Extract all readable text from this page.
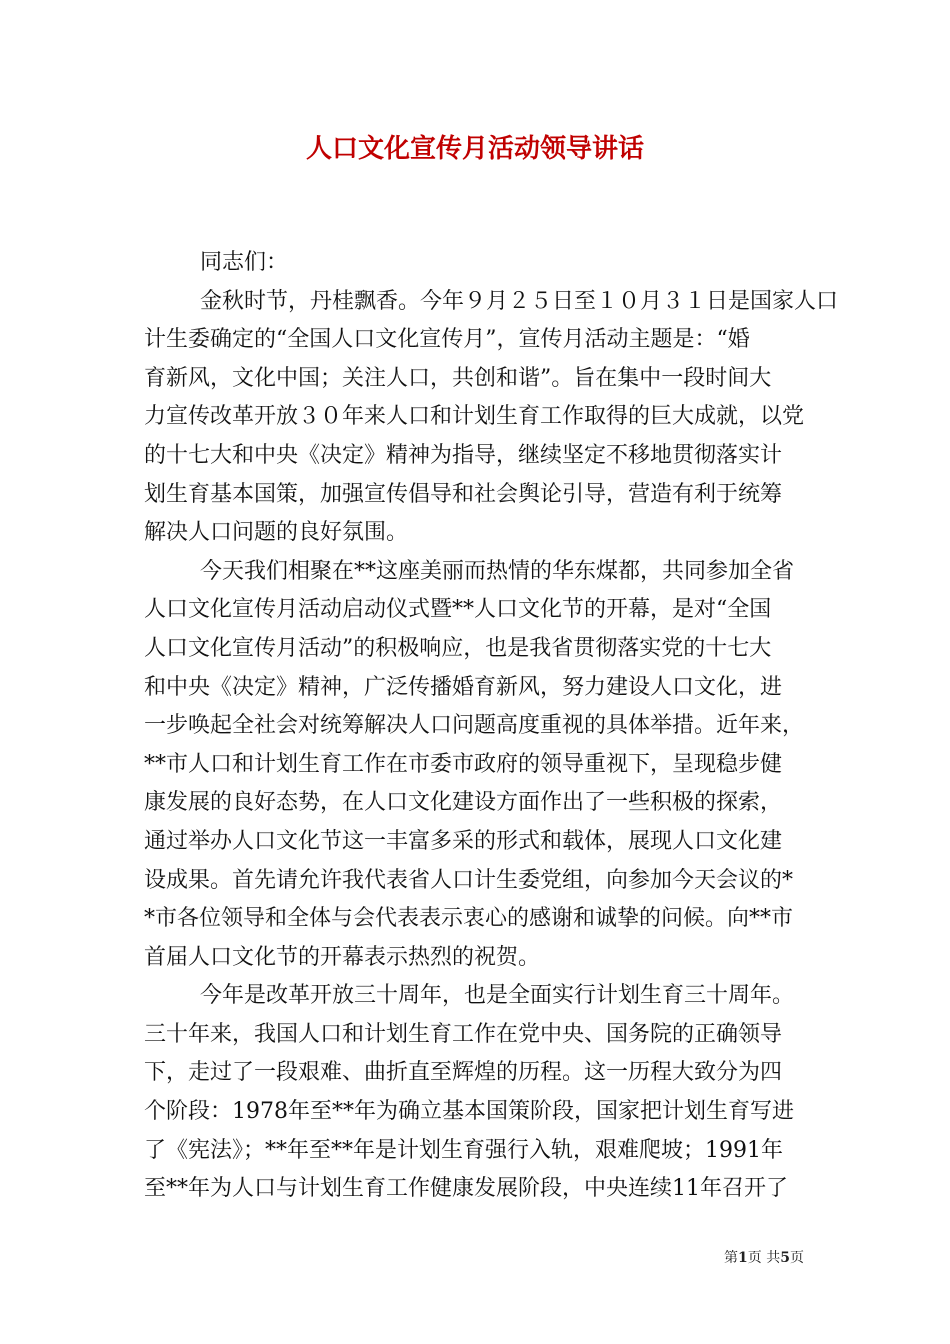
人口文化宣传月活动领导讲话
同志们：
金秋时节，丹桂飘香。今年９月２５日至１０月３１日是国家人口
计生委确定的“全国人口文化宣传月”，宣传月活动主题是：“婚
育新风，文化中国；关注人口，共创和谐”。旨在集中一段时间大
力宣传改革开放３０年来人口和计划生育工作取得的巨大成就，以党
的十七大和中央《决定》精神为指导，继续坚定不移地贯彻落实计
划生育基本国策，加强宣传倡导和社会舆论引导，营造有利于统筹
解决人口问题的良好氛围。
今天我们相聚在**这座美丽而热情的华东煤都，共同参加全省
人口文化宣传月活动启动仪式暨**人口文化节的开幕，是对“全国
人口文化宣传月活动”的积极响应，也是我省贯彻落实党的十七大
和中央《决定》精神，广泛传播婚育新风，努力建设人口文化，进
一步唤起全社会对统筹解决人口问题高度重视的具体举措。近年来，
**市人口和计划生育工作在市委市政府的领导重视下，呈现稳步健
康发展的良好态势，在人口文化建设方面作出了一些积极的探索，
通过举办人口文化节这一丰富多采的形式和载体，展现人口文化建
设成果。首先请允许我代表省人口计生委党组，向参加今天会议的*
*市各位领导和全体与会代表表示衷心的感谢和诚挚的问候。向**市
首届人口文化节的开幕表示热烈的祝贺。
今年是改革开放三十周年，也是全面实行计划生育三十周年。
三十年来，我国人口和计划生育工作在党中央、国务院的正确领导
下，走过了一段艰难、曲折直至辉煌的历程。这一历程大致分为四
个阶段：1978年至**年为确立基本国策阶段，国家把计划生育写进
了《宪法》；**年至**年是计划生育强行入轨，艰难爬坡；1991年
至**年为人口与计划生育工作健康发展阶段，中央连续11年召开了
第1页 共5页
